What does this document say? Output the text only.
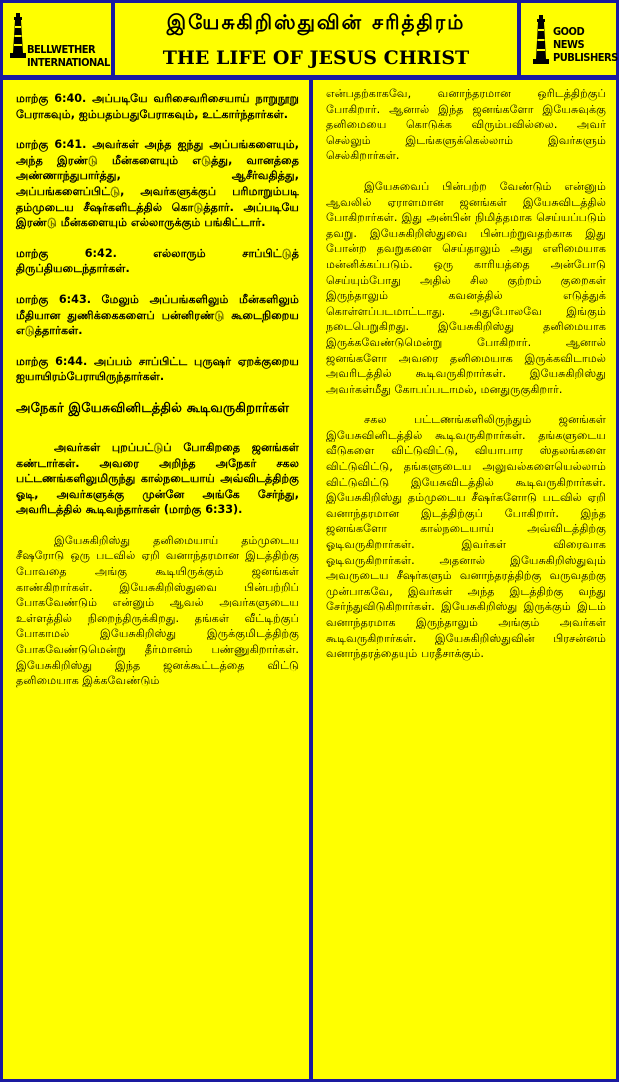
BELLWETHER
INTERNATIONAL
இயேசுகிறிஸ்துவின் சரித்திரம்
THE LIFE OF JESUS CHRIST
GOOD NEWS
PUBLISHERS

மாற்கு 6:40. அப்படியே வரிசைவரிசையாய் நாறுநூறு பேராகவும், ஐம்பதம்பதுபேராகவும், உட்கார்ந்தார்கள்.

மாற்கு 6:41. அவர்கள் அந்த ஐந்து அப்பங்களையும், அந்த இரண்டு மீன்களையும் எடுத்து, வானத்தை அண்ணாந்துபார்த்து, ஆசீர்வதித்து, அப்பங்களைப்பிட்டு, அவர்களுக்குப் பரிமாறும்படி தம்முடைய சீஷர்களிடத்தில் கொடுத்தார். அப்படியே இரண்டு மீன்களையும் எல்லாருக்கும் பங்கிட்டார்.

மாற்கு 6:42. எல்லாரும் சாப்பிட்டுத் திருப்தியடைந்தார்கள்.

மாற்கு 6:43. மேலும் அப்பங்களிலும் மீன்களிலும் மீதியான துணிக்கைகளைப் பன்னிரண்டு கூடைநிறைய எடுத்தார்கள்.

மாற்கு 6:44. அப்பம் சாப்பிட்ட புருஷர் ஏறக்குறைய ஐயாயிரம்பேராயிருந்தார்கள்.

அநேகர் இயேசுவினிடத்தில் கூடிவருகிறார்கள்

அவர்கள் புறப்பட்டுப் போகிறதை ஜனங்கள் கண்டார்கள். அவரை அறிந்த அநேகர் சகல பட்டணங்களிலுமிருந்து கால்நடையாய் அவ்விடத்திற்கு ஓடி, அவர்களுக்கு முன்னே அங்கே சேர்ந்து, அவரிடத்தில் கூடிவந்தார்கள் (மாற்கு 6:33).

இயேசுகிறிஸ்து தனிமையாய் தம்முடைய சீஷரோடு ஒரு படவில் ஏறி வனாந்தரமான இடத்திற்கு போவதை அங்கு கூடியிருக்கும் ஜனங்கள் காண்கிறார்கள். இயேசுகிறிஸ்துவை பின்பற்றிப் போகவேண்டும் என்னும் ஆவல் அவர்களுடைய உள்ளத்தில் நிறைந்திருக்கிறது. தங்கள் வீட்டிற்குப் போகாமல் இயேசுகிறிஸ்து இருக்குமிடத்திற்கு போகவேண்டுமென்று தீர்மானம் பண்ணுகிறார்கள். இயேசுகிறிஸ்து இந்த ஜனக்கூட்டத்தை விட்டு தனிமையாக இக்கவேண்டும்

என்பதற்காகவே, வனாந்தரமான ஒரிடத்திற்குப் போகிறார். ஆனால் இந்த ஜனங்களோ இயேசுவுக்கு தனிமையை கொடுக்க விரும்பவில்லை. அவர் செல்லும் இடங்களுக்கெல்லாம் இவர்களும் செல்கிறார்கள்.

இயேசுவைப் பின்பற்ற வேண்டும் என்னும் ஆவலில் ஏராளமான ஜனங்கள் இயேசுவிடத்தில் போகிறார்கள். இது அன்பின் நிமித்தமாக செய்யப்படும் தவறு. இயேசுகிறிஸ்துவை பின்பற்றுவதற்காக இது போன்ற தவறுகளை செய்தாலும் அது எளிமையாக மன்னிக்கப்படும். ஒரு காரியத்தை அன்போடு செய்யும்போது அதில் சில குற்றம் குறைகள் இருந்தாலும் கவனத்தில் எடுத்துக் கொள்ளப்படமாட்டாது. அதுபோலவே இங்கும் நடைபெறுகிறது. இயேசுகிறிஸ்து தனிமையாக இருக்கவேண்டுமென்று போகிறார். ஆனால் ஜனங்களோ அவரை தனிமையாக இருக்கவிடாமல் அவரிடத்தில் கூடிவருகிறார்கள். இயேசுகிறிஸ்து அவர்கள்மீது கோபப்படாமல், மனதுருகுகிறார்.

சகல பட்டணங்களிலிருந்தும் ஜனங்கள் இயேசுவினிடத்தில் கூடிவருகிறார்கள். தங்களுடைய வீடுகளை விட்டுவிட்டு, வியாபார ஸ்தலங்களை விட்டுவிட்டு, தங்களுடைய அலுவல்களையெல்லாம் விட்டுவிட்டு இயேசுவிடத்தில் கூடிவருகிறார்கள். இயேசுகிறிஸ்து தம்முடைய சீஷர்களோடு படவில் ஏறி வனாந்தரமான இடத்திற்குப் போகிறார். இந்த ஜனங்களோ கால்நடையாய் அவ்விடத்திற்கு ஓடிவருகிறார்கள். இவர்கள் விரைவாக ஓடிவருகிறார்கள். அதனால் இயேசுகிறிஸ்துவும் அவருடைய சீஷர்களும் வனாந்தரத்திற்கு வருவதற்கு முன்பாகவே, இவர்கள் அந்த இடத்திற்கு வந்து சேர்ந்துவிடுகிறார்கள். இயேசுகிறிஸ்து இருக்கும் இடம் வனாந்தரமாக இருந்தாலும் அங்கும் அவர்கள் கூடிவருகிறார்கள். இயேசுகிறிஸ்துவின் பிரசன்னம் வனாந்தரத்தையும் பரதீசாக்கும்.
